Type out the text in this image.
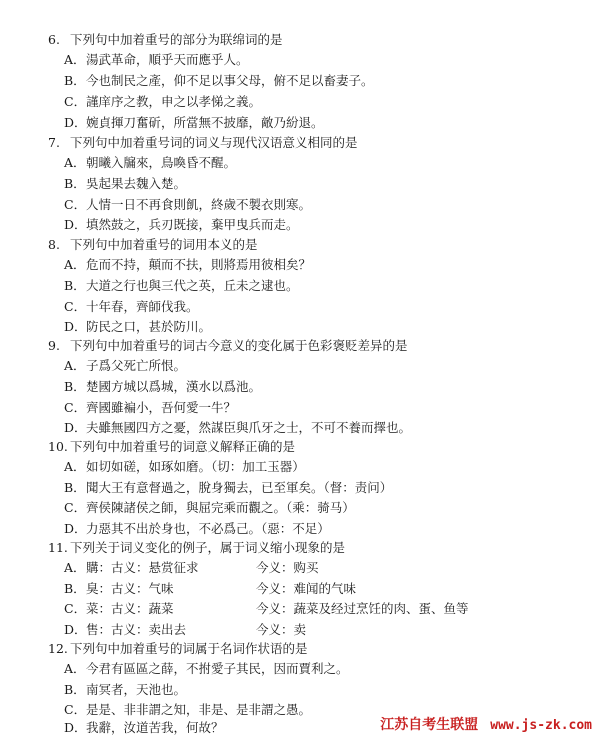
6. 下列句中加着重号的部分为联绵词的是
A．湯武革命，順乎天而應乎人。
B．今也制民之產，仰不足以事父母，俯不足以畜妻子。
C．謹庠序之教，申之以孝悌之義。
D．婉貞揮刀奮斫，所當無不披靡，敵乃紛退。
7. 下列句中加着重号词的词义与现代汉语意义相同的是
A．朝曦入牖來，鳥喚昏不醒。
B．吳起果去魏入楚。
C．人情一日不再食則飢，終歲不製衣則寒。
D．填然鼓之，兵刃既接，棄甲曳兵而走。
8. 下列句中加着重号的词用本义的是
A．危而不持，顛而不扶，則將焉用彼相矣？
B．大道之行也與三代之英，丘未之逮也。
C．十年春，齊師伐我。
D．防民之口，甚於防川。
9. 下列句中加着重号的词古今意义的变化属于色彩褒贬差异的是
A．子爲父死亡所恨。
B．楚國方城以爲城，漢水以爲池。
C．齊國雖褊小，吾何愛一牛？
D．夫雖無國四方之憂，然謀臣與爪牙之士，不可不養而擇也。
10. 下列句中加着重号的词意义解释正确的是
A．如切如磋，如琢如磨。（切：加工玉器）
B．聞大王有意督過之，脫身獨去，已至軍矣。（督：责问）
C．齊侯陳諸侯之師，與屈完乘而觀之。（乘：骑马）
D．力惡其不出於身也，不必爲己。（惡：不足）
11. 下列关于词义变化的例子，属于词义缩小现象的是
A．購：古义：悬赏征求	今义：购买
B．臭：古义：气味	今义：难闻的气味
C．菜：古义：蔬菜	今义：蔬菜及经过烹饪的肉、蛋、鱼等
D．售：古义：卖出去	今义：卖
12. 下列句中加着重号的词属于名词作状语的是
A．今君有區區之薛，不拊愛子其民，因而賈利之。
B．南冥者，天池也。
C．是是、非非謂之知，非是、是非謂之愚。
D．我辭，汝道苦我，何故？	江苏自考生联盟 www.js-zk.com
